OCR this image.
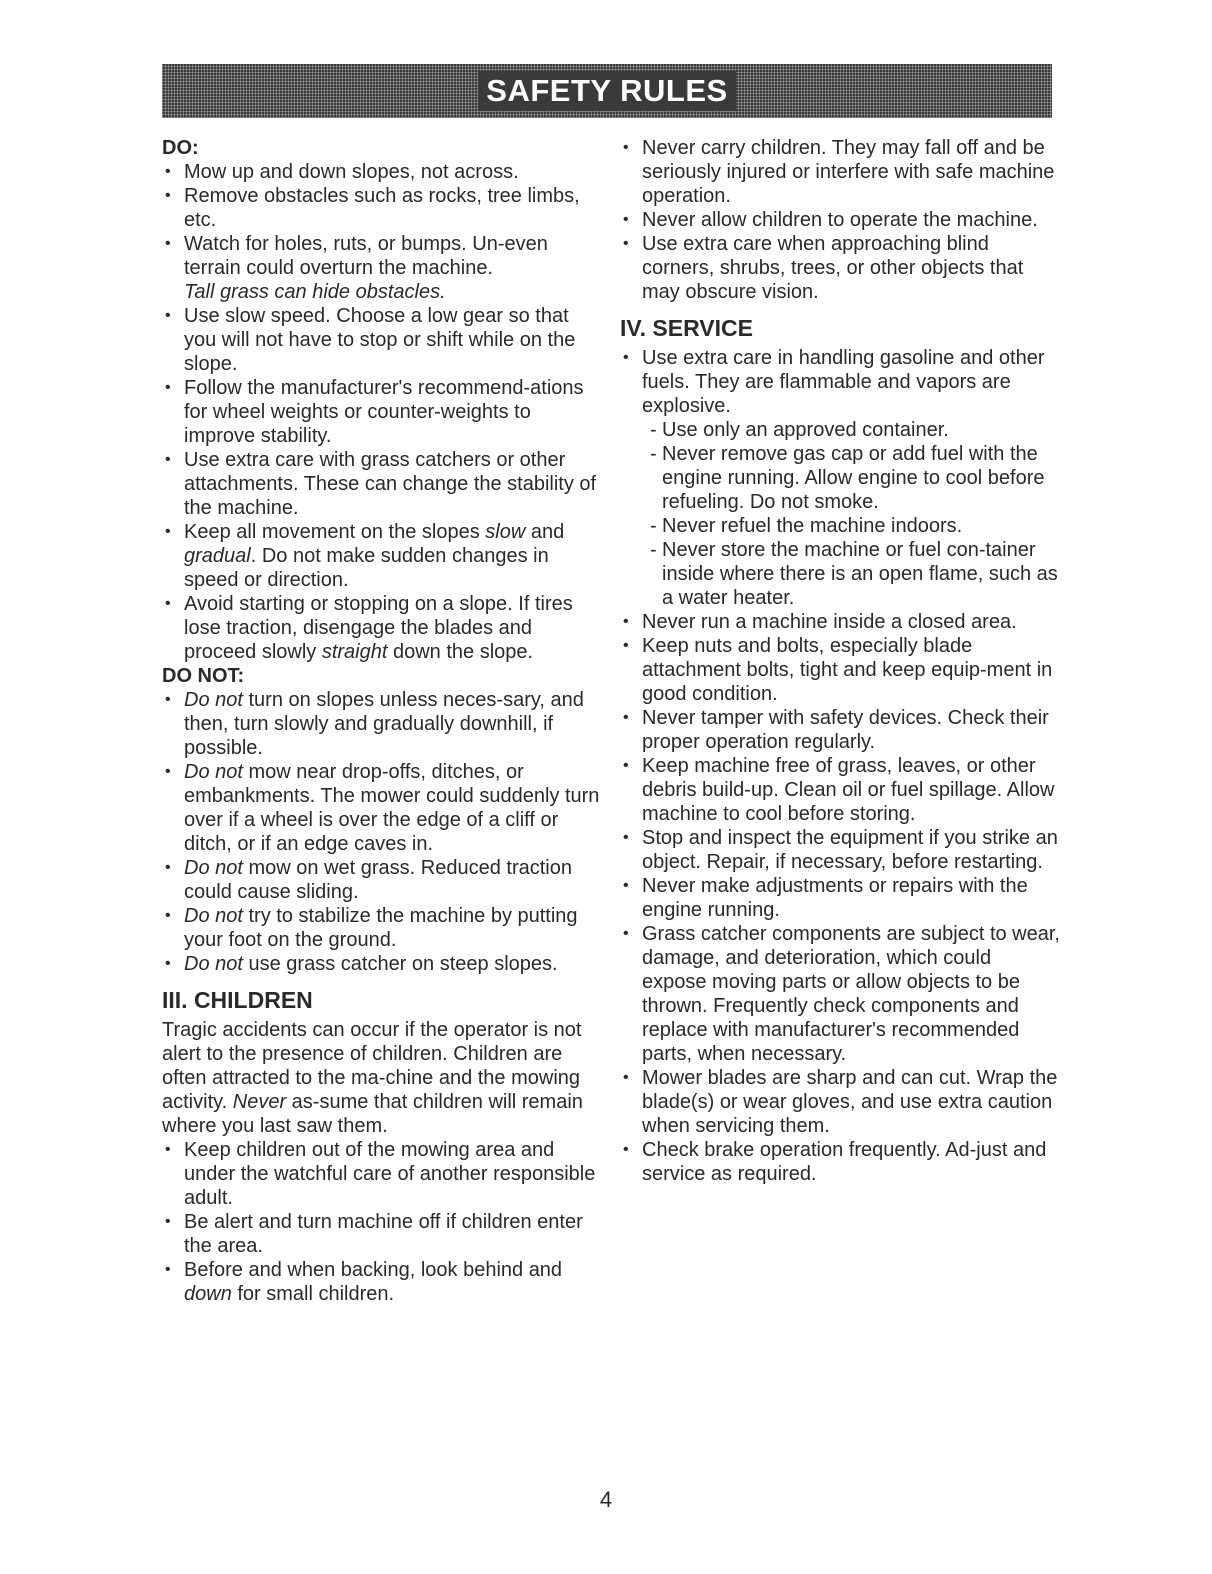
SAFETY RULES
DO:
• Mow up and down slopes, not across.
• Remove obstacles such as rocks, tree limbs, etc.
• Watch for holes, ruts, or bumps. Un-even terrain could overturn the machine.
Tall grass can hide obstacles.
• Use slow speed. Choose a low gear so that you will not have to stop or shift while on the slope.
• Follow the manufacturer's recommend-ations for wheel weights or counter-weights to improve stability.
• Use extra care with grass catchers or other attachments. These can change the stability of the machine.
• Keep all movement on the slopes slow and gradual. Do not make sudden changes in speed or direction.
• Avoid starting or stopping on a slope. If tires lose traction, disengage the blades and proceed slowly straight down the slope.
DO NOT:
• Do not turn on slopes unless neces-sary, and then, turn slowly and gradually downhill, if possible.
• Do not mow near drop-offs, ditches, or embankments. The mower could suddenly turn over if a wheel is over the edge of a cliff or ditch, or if an edge caves in.
• Do not mow on wet grass. Reduced traction could cause sliding.
• Do not try to stabilize the machine by putting your foot on the ground.
• Do not use grass catcher on steep slopes.
III. CHILDREN

Tragic accidents can occur if the operator is not alert to the presence of children. Children are often attracted to the ma-chine and the mowing activity. Never as-sume that children will remain where you last saw them.

• Keep children out of the mowing area and under the watchful care of another responsible adult.
• Be alert and turn machine off if children enter the area.
• Before and when backing, look behind and down for small children.
• Never carry children. They may fall off and be seriously injured or interfere with safe machine operation.
• Never allow children to operate the machine.
• Use extra care when approaching blind corners, shrubs, trees, or other objects that may obscure vision.
IV. SERVICE
• Use extra care in handling gasoline and other fuels. They are flammable and vapors are explosive.
- Use only an approved container.
- Never remove gas cap or add fuel with the engine running. Allow engine to cool before refueling. Do not smoke.
- Never refuel the machine indoors.
- Never store the machine or fuel con-tainer inside where there is an open flame, such as a water heater.
• Never run a machine inside a closed area.
• Keep nuts and bolts, especially blade attachment bolts, tight and keep equip-ment in good condition.
• Never tamper with safety devices. Check their proper operation regularly.
• Keep machine free of grass, leaves, or other debris build-up. Clean oil or fuel spillage. Allow machine to cool before storing.
• Stop and inspect the equipment if you strike an object. Repair, if necessary, before restarting.
• Never make adjustments or repairs with the engine running.
• Grass catcher components are subject to wear, damage, and deterioration, which could expose moving parts or allow objects to be thrown. Frequently check components and replace with manufacturer's recommended parts, when necessary.
• Mower blades are sharp and can cut. Wrap the blade(s) or wear gloves, and use extra caution when servicing them.
• Check brake operation frequently. Ad-just and service as required.
4
